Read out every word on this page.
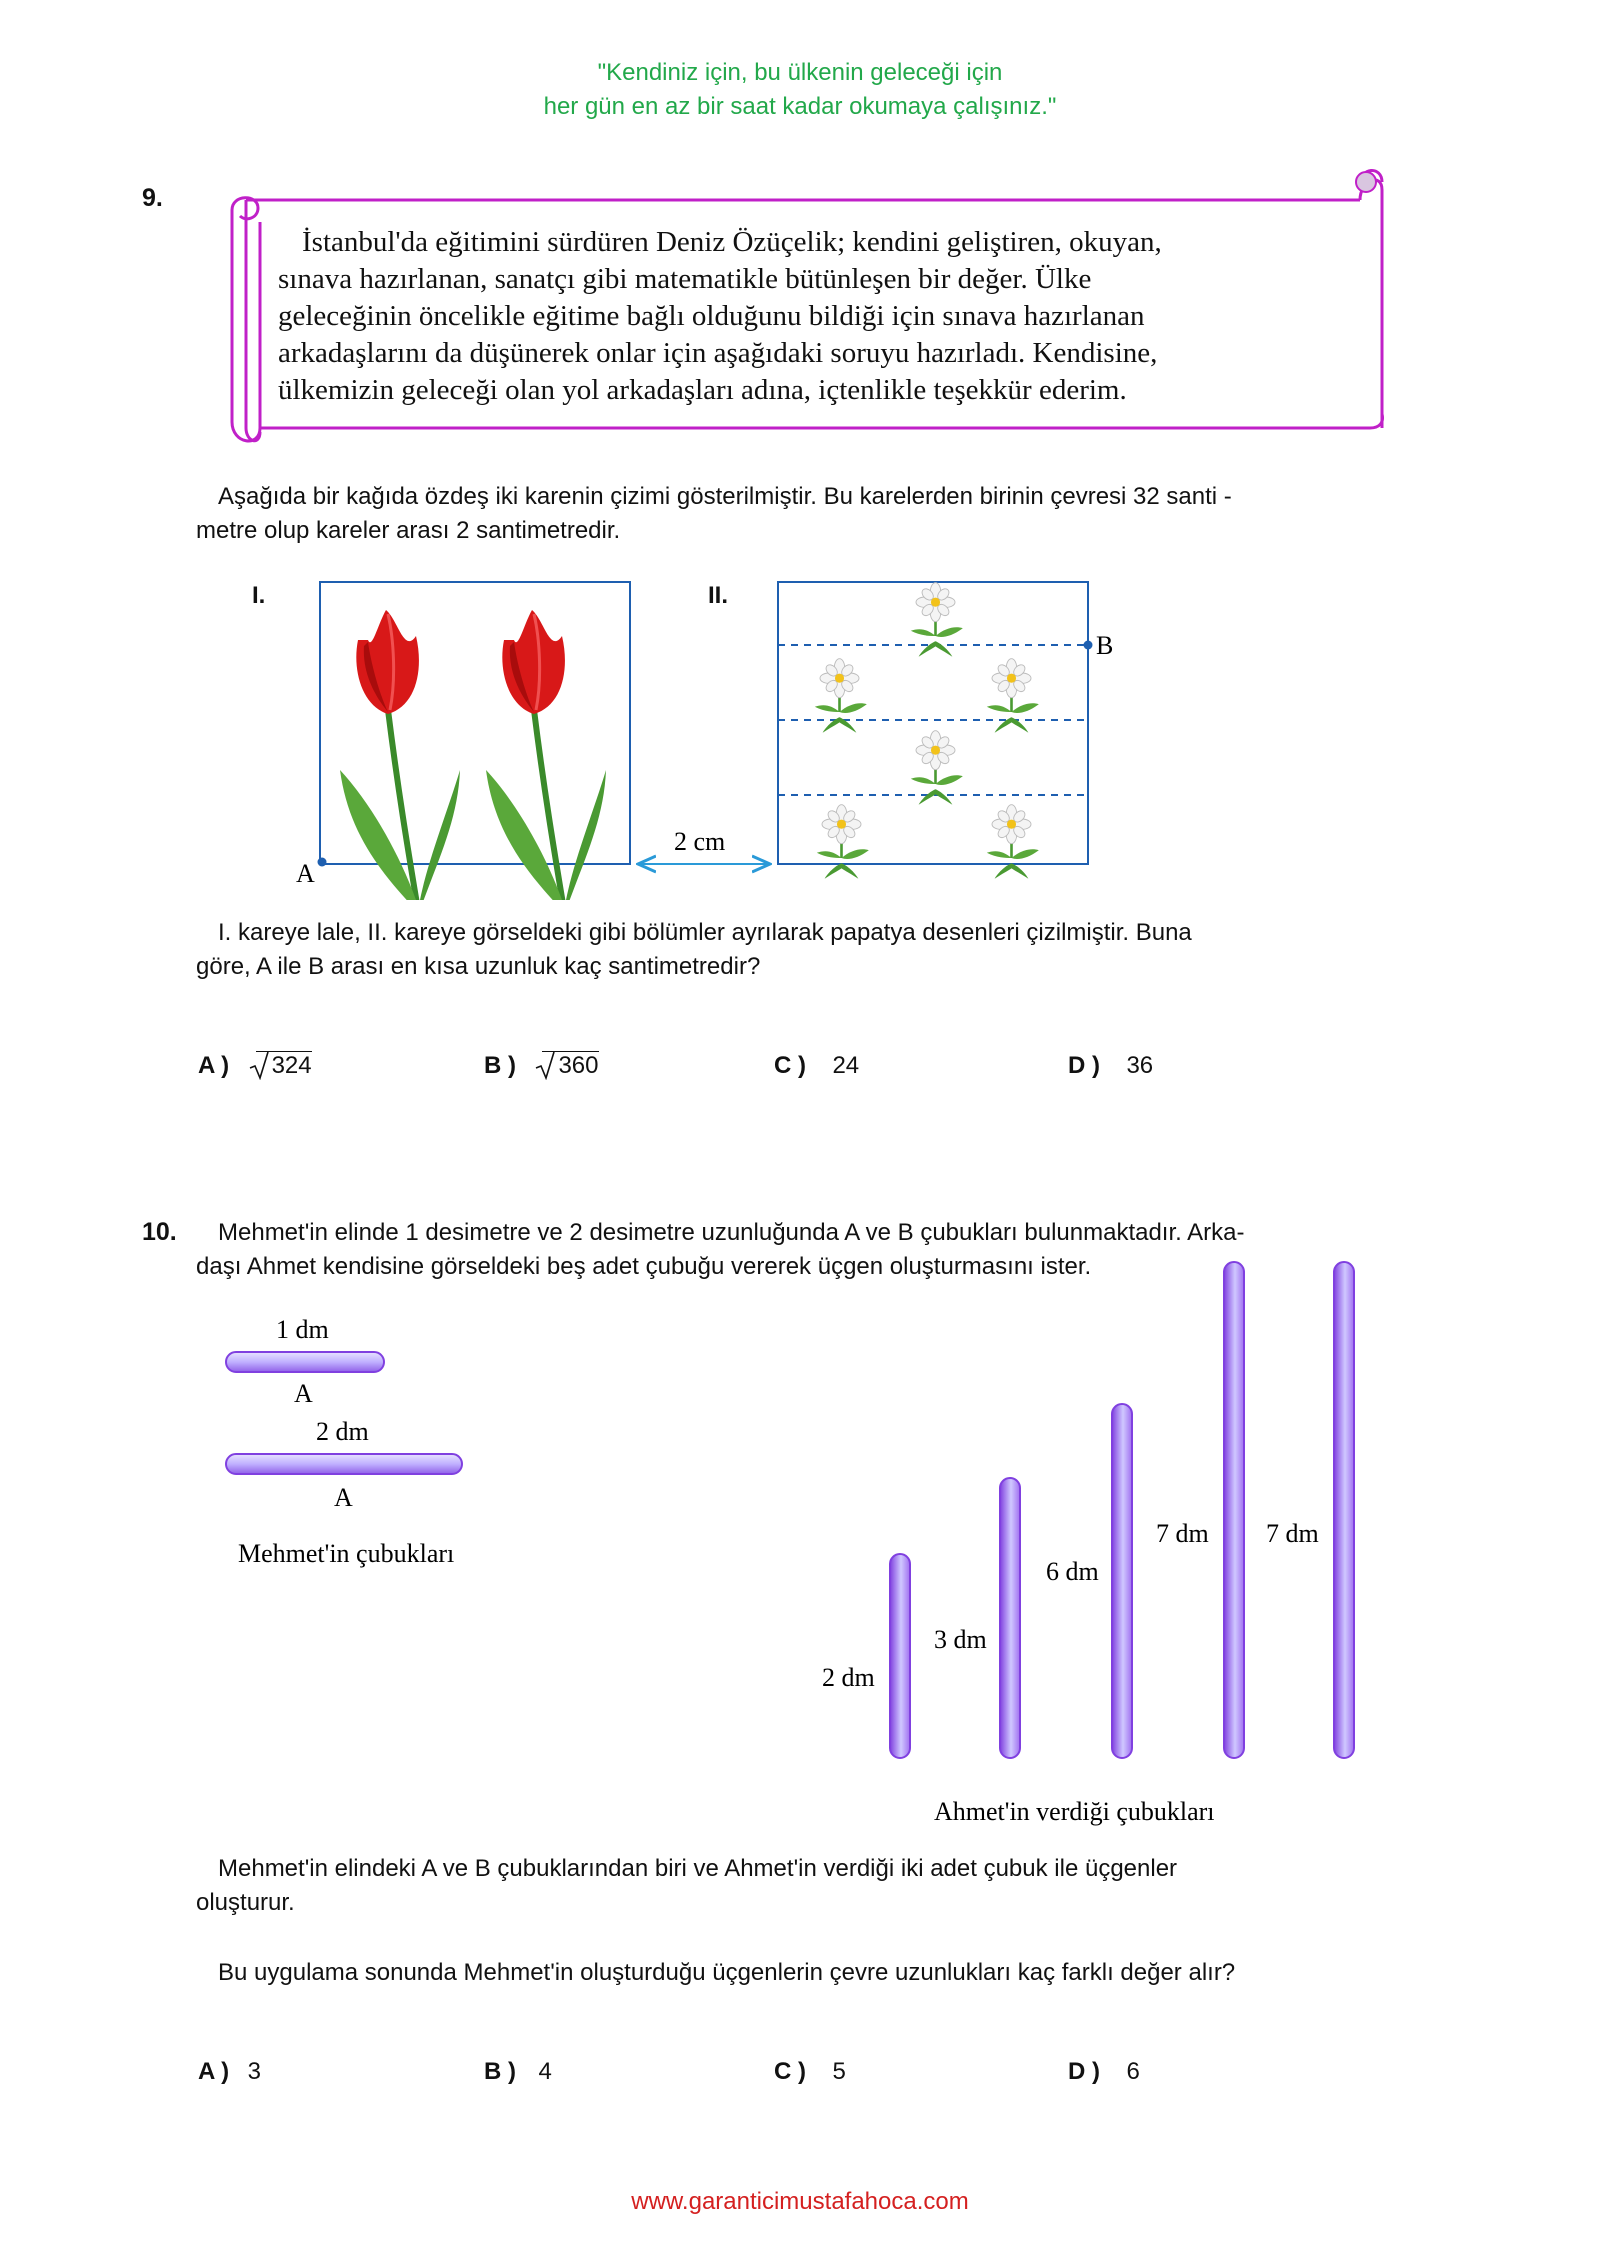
"Kendiniz için, bu ülkenin geleceği için
her gün en az bir saat kadar okumaya çalışınız."
9.

İstanbul'da eğitimini sürdüren Deniz Özüçelik; kendini geliştiren, okuyan,

sınava hazırlanan, sanatçı gibi matematikle bütünleşen bir değer. Ülke

geleceğinin öncelikle eğitime bağlı olduğunu bildiği için sınava hazırlanan

arkadaşlarını da düşünerek onlar için aşağıdaki soruyu hazırladı. Kendisine,

ülkemizin geleceği olan yol arkadaşları adına, içtenlikle teşekkür ederim.

Aşağıda bir kağıda özdeş iki karenin çizimi gösterilmiştir. Bu karelerden birinin çevresi 32 santi -
metre olup kareler arası 2 santimetredir.
I.	II.
A
B
2 cm
I. kareye lale, II. kareye görseldeki gibi bölümler ayrılarak papatya desenleri çizilmiştir. Buna
göre, A ile B arası en kısa uzunluk kaç santimetredir?
A ) 324	B ) 360	C ) 24	D ) 36
10. Mehmet'in elinde 1 desimetre ve 2 desimetre uzunluğunda A ve B çubukları bulunmaktadır. Arka-
daşı Ahmet kendisine görseldeki beş adet çubuğu vererek üçgen oluşturmasını ister.
1 dm
A
2 dm
A
Mehmet'in çubukları
2 dm
3 dm
6 dm
7 dm 7 dm
Ahmet'in verdiği çubukları
Mehmet'in elindeki A ve B çubuklarından biri ve Ahmet'in verdiği iki adet çubuk ile üçgenler
oluşturur.
Bu uygulama sonunda Mehmet'in oluşturduğu üçgenlerin çevre uzunlukları kaç farklı değer alır?
A ) 3	B ) 4	C ) 5	D ) 6
www.garanticimustafahoca.com
